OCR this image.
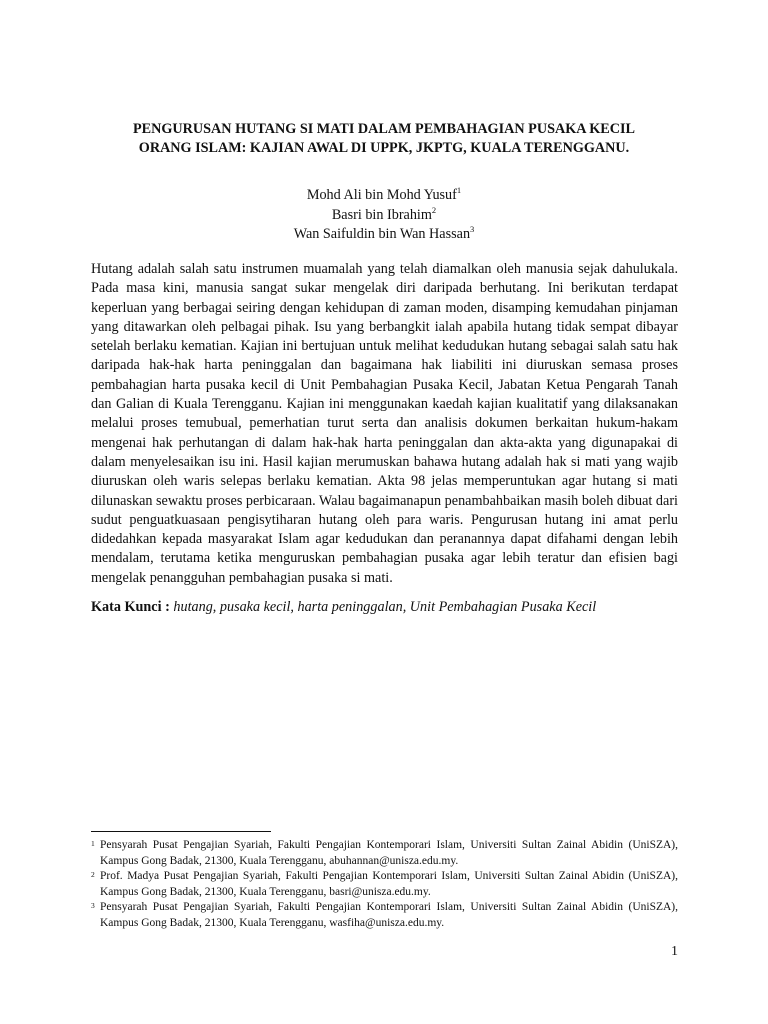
PENGURUSAN HUTANG SI MATI DALAM PEMBAHAGIAN PUSAKA KECIL
ORANG ISLAM: KAJIAN AWAL DI UPPK, JKPTG, KUALA TERENGGANU.
Mohd Ali bin Mohd Yusuf$^1$
Basri bin Ibrahim$^2$
Wan Saifuldin bin Wan Hassan$^3$

Hutang adalah salah satu instrumen muamalah yang telah diamalkan oleh manusia sejak dahulukala. Pada masa kini, manusia sangat sukar mengelak diri daripada berhutang. Ini berikutan terdapat keperluan yang berbagai seiring dengan kehidupan di zaman moden, disamping kemudahan pinjaman yang ditawarkan oleh pelbagai pihak. Isu yang berbangkit ialah apabila hutang tidak sempat dibayar setelah berlaku kematian. Kajian ini bertujuan untuk melihat kedudukan hutang sebagai salah satu hak daripada hak-hak harta peninggalan dan bagaimana hak liabiliti ini diuruskan semasa proses pembahagian harta pusaka kecil di Unit Pembahagian Pusaka Kecil, Jabatan Ketua Pengarah Tanah dan Galian di Kuala Terengganu. Kajian ini menggunakan kaedah kajian kualitatif yang dilaksanakan melalui proses temubual, pemerhatian turut serta dan analisis dokumen berkaitan hukum-hakam mengenai hak perhutangan di dalam hak-hak harta peninggalan dan akta-akta yang digunapakai di dalam menyelesaikan isu ini. Hasil kajian merumuskan bahawa hutang adalah hak si mati yang wajib diuruskan oleh waris selepas berlaku kematian. Akta 98 jelas memperuntukan agar hutang si mati dilunaskan sewaktu proses perbicaraan. Walau bagaimanapun penambahbaikan masih boleh dibuat dari sudut penguatkuasaan pengisytiharan hutang oleh para waris. Pengurusan hutang ini amat perlu didedahkan kepada masyarakat Islam agar kedudukan dan peranannya dapat difahami dengan lebih mendalam, terutama ketika menguruskan pembahagian pusaka agar lebih teratur dan efisien bagi mengelak penangguhan pembahagian pusaka si mati.

Kata Kunci : hutang, pusaka kecil, harta peninggalan, Unit Pembahagian Pusaka Kecil

1 Pensyarah Pusat Pengajian Syariah, Fakulti Pengajian Kontemporari Islam, Universiti Sultan Zainal Abidin (UniSZA), Kampus Gong Badak, 21300, Kuala Terengganu, abuhannan@unisza.edu.my.
2 Prof. Madya Pusat Pengajian Syariah, Fakulti Pengajian Kontemporari Islam, Universiti Sultan Zainal Abidin (UniSZA), Kampus Gong Badak, 21300, Kuala Terengganu, basri@unisza.edu.my.
3 Pensyarah Pusat Pengajian Syariah, Fakulti Pengajian Kontemporari Islam, Universiti Sultan Zainal Abidin (UniSZA), Kampus Gong Badak, 21300, Kuala Terengganu, wasfiha@unisza.edu.my.
1
